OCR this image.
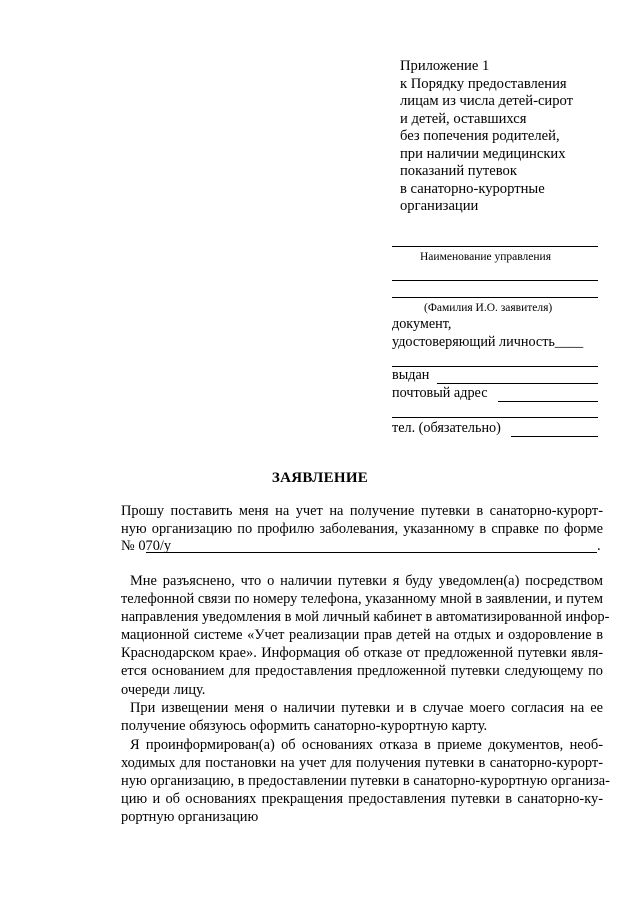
Приложение 1
к Порядку предоставления
лицам из числа детей-сирот
и детей, оставшихся
без попечения родителей,
при наличии медицинских
показаний путевок
в санаторно-курортные
организации
Наименование управления
(Фамилия И.О. заявителя)
документ,
удостоверяющий личность____
выдан
почтовый адрес
тел. (обязательно)
ЗАЯВЛЕНИЕ
Прошу поставить меня на учет на получение путевки в санаторно-курорт-
ную организацию по профилю заболевания, указанному в справке по форме
№ 070/у	.
Мне разъяснено, что о наличии путевки я буду уведомлен(а) посредством
телефонной связи по номеру телефона, указанному мной в заявлении, и путем
направления уведомления в мой личный кабинет в автоматизированной инфор-
мационной системе «Учет реализации прав детей на отдых и оздоровление в
Краснодарском крае». Информация об отказе от предложенной путевки явля-
ется основанием для предоставления предложенной путевки следующему по
очереди лицу.
При извещении меня о наличии путевки и в случае моего согласия на ее
получение обязуюсь оформить санаторно-курортную карту.
Я проинформирован(а) об основаниях отказа в приеме документов, необ-
ходимых для постановки на учет для получения путевки в санаторно-курорт-
ную организацию, в предоставлении путевки в санаторно-курортную организа-
цию и об основаниях прекращения предоставления путевки в санаторно-ку-
рортную организацию
